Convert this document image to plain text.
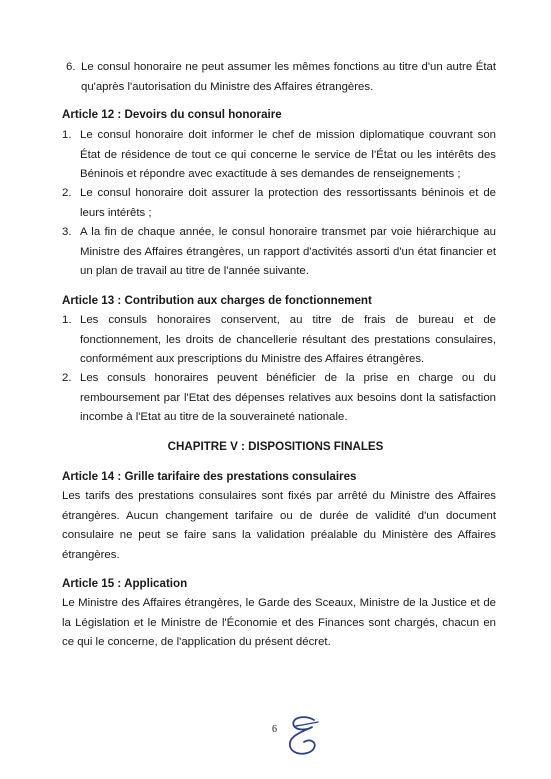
6. Le consul honoraire ne peut assumer les mêmes fonctions au titre d'un autre État qu'après l'autorisation du Ministre des Affaires étrangères.
Article 12 : Devoirs du consul honoraire
1. Le consul honoraire doit informer le chef de mission diplomatique couvrant son État de résidence de tout ce qui concerne le service de l'État ou les intérêts des Béninois et répondre avec exactitude à ses demandes de renseignements ;
2. Le consul honoraire doit assurer la protection des ressortissants béninois et de leurs intérêts ;
3. A la fin de chaque année, le consul honoraire transmet par voie hiérarchique au Ministre des Affaires étrangères, un rapport d'activités assorti d'un état financier et un plan de travail au titre de l'année suivante.
Article 13 : Contribution aux charges de fonctionnement
1. Les consuls honoraires conservent, au titre de frais de bureau et de fonctionnement, les droits de chancellerie résultant des prestations consulaires, conformément aux prescriptions du Ministre des Affaires étrangères.
2. Les consuls honoraires peuvent bénéficier de la prise en charge ou du remboursement par l'Etat des dépenses relatives aux besoins dont la satisfaction incombe à l'Etat au titre de la souveraineté nationale.
CHAPITRE V : DISPOSITIONS FINALES
Article 14 : Grille tarifaire des prestations consulaires
Les tarifs des prestations consulaires sont fixés par arrêté du Ministre des Affaires étrangères. Aucun changement tarifaire ou de durée de validité d'un document consulaire ne peut se faire sans la validation préalable du Ministère des Affaires étrangères.
Article 15 : Application
Le Ministre des Affaires étrangères, le Garde des Sceaux, Ministre de la Justice et de la Législation et le Ministre de l'Économie et des Finances sont chargés, chacun en ce qui le concerne, de l'application du présent décret.
6
